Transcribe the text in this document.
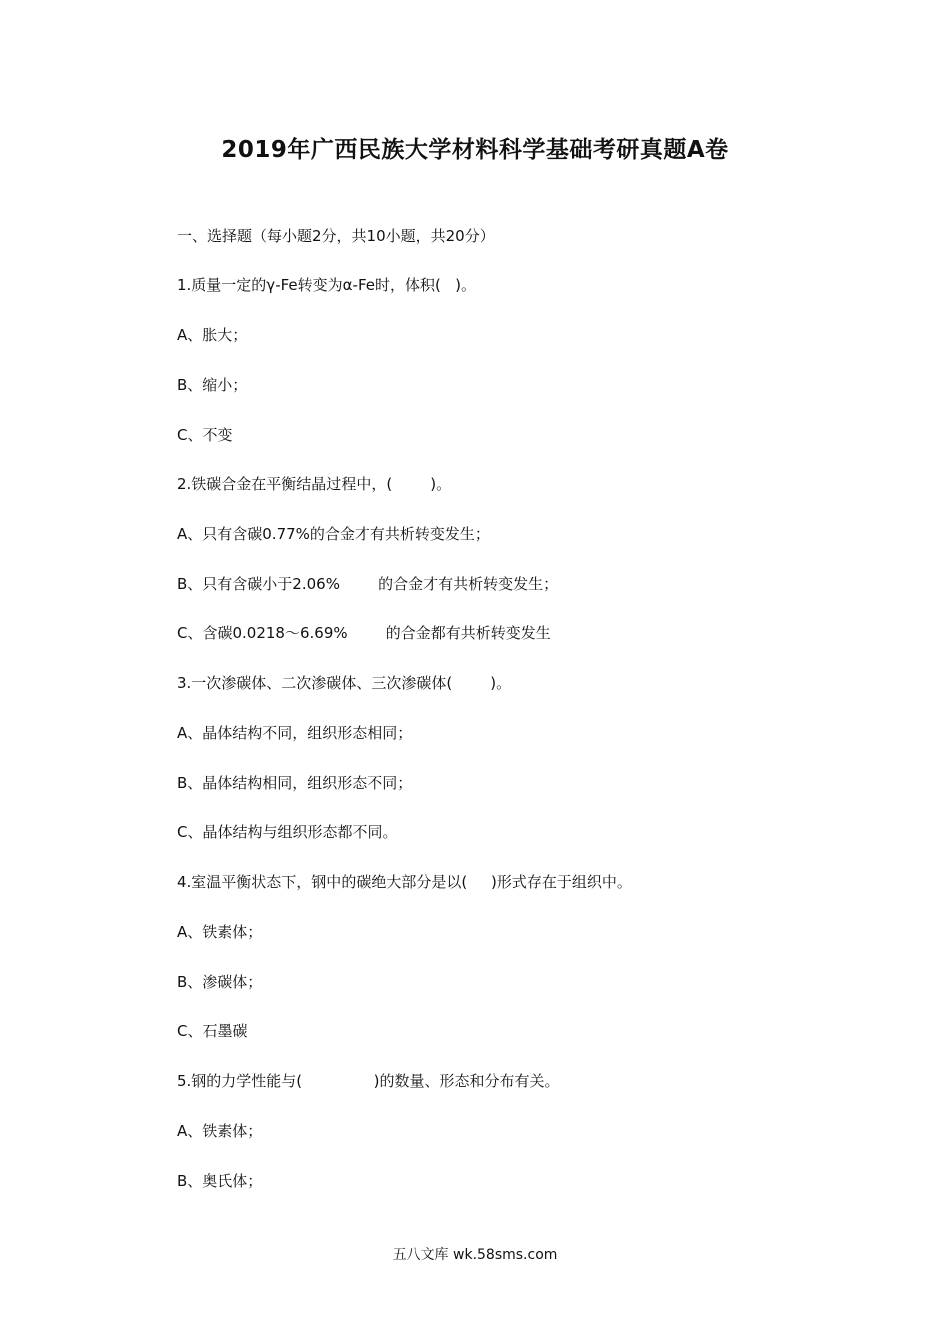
2019年广西民族大学材料科学基础考研真题A卷
一、选择题（每小题2分，共10小题，共20分）
1.质量一定的γ-Fe转变为α-Fe时，体积(   )。
A、胀大；
B、缩小；
C、不变
2.铁碳合金在平衡结晶过程中，(        )。
A、只有含碳0.77%的合金才有共析转变发生；
B、只有含碳小于2.06%        的合金才有共析转变发生；
C、含碳0.0218～6.69%        的合金都有共析转变发生
3.一次渗碳体、二次渗碳体、三次渗碳体(        )。
A、晶体结构不同，组织形态相同；
B、晶体结构相同，组织形态不同；
C、晶体结构与组织形态都不同。
4.室温平衡状态下，钢中的碳绝大部分是以(     )形式存在于组织中。
A、铁素体；
B、渗碳体；
C、石墨碳
5.钢的力学性能与(               )的数量、形态和分布有关。
A、铁素体；
B、奥氏体；
五八文库 wk.58sms.com
